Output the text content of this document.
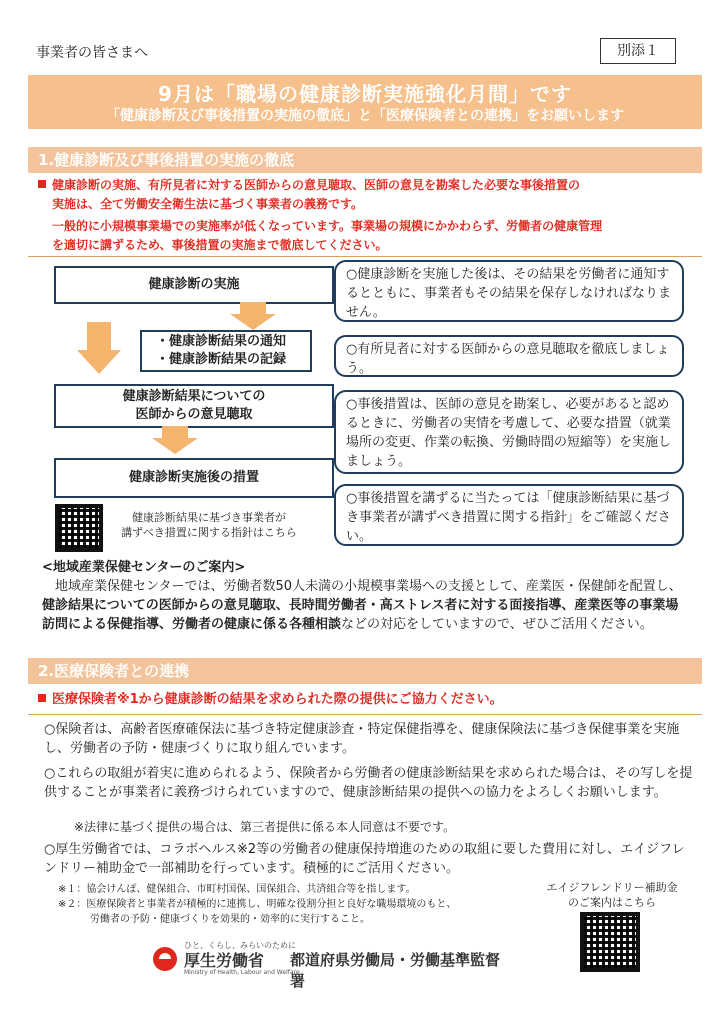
事業者の皆さまへ	別添１
9月は「職場の健康診断実施強化月間」です
「健康診断及び事後措置の実施の徹底」と「医療保険者との連携」をお願いします
1.健康診断及び事後措置の実施の徹底
健康診断の実施、有所見者に対する医師からの意見聴取、医師の意見を勘案した必要な事後措置の
実施は、全て労働安全衛生法に基づく事業者の義務です。
一般的に小規模事業場での実施率が低くなっています。事業場の規模にかかわらず、労働者の健康管理
を適切に講ずるため、事後措置の実施まで徹底してください。
健康診断の実施
・健康診断結果の通知
・健康診断結果の記録
健康診断結果についての
医師からの意見聴取
健康診断実施後の措置
○健康診断を実施した後は、その結果を労働者に通知するとともに、事業者もその結果を保存しなければなりません。
○有所見者に対する医師からの意見聴取を徹底しましょう。
○事後措置は、医師の意見を勘案し、必要があると認めるときに、労働者の実情を考慮して、必要な措置（就業場所の変更、作業の転換、労働時間の短縮等）を実施しましょう。
○事後措置を講ずるに当たっては「健康診断結果に基づき事業者が講ずべき措置に関する指針」をご確認ください。
健康診断結果に基づき事業者が
講ずべき措置に関する指針はこちら
<地域産業保健センターのご案内>
地域産業保健センターでは、労働者数50人未満の小規模事業場への支援として、産業医・保健師を配置し、健診結果についての医師からの意見聴取、長時間労働者・高ストレス者に対する面接指導、産業医等の事業場訪問による保健指導、労働者の健康に係る各種相談などの対応をしていますので、ぜひご活用ください。
2.医療保険者との連携
医療保険者※1から健康診断の結果を求められた際の提供にご協力ください。
○保険者は、高齢者医療確保法に基づき特定健康診査・特定保健指導を、健康保険法に基づき保健事業を実施し、労働者の予防・健康づくりに取り組んでいます。
○これらの取組が着実に進められるよう、保険者から労働者の健康診断結果を求められた場合は、その写しを提供することが事業者に義務づけられていますので、健康診断結果の提供への協力をよろしくお願いします。
※法律に基づく提供の場合は、第三者提供に係る本人同意は不要です。
○厚生労働省では、コラボヘルス※2等の労働者の健康保持増進のための取組に要した費用に対し、エイジフレンドリー補助金で一部補助を行っています。積極的にご活用ください。
※１：協会けんぽ、健保組合、市町村国保、国保組合、共済組合等を指します。
※２：医療保険者と事業者が積極的に連携し、明確な役割分担と良好な職場環境のもと、
労働者の予防・健康づくりを効果的・効率的に実行すること。
エイジフレンドリー補助金
のご案内はこちら
ひと、くらし、みらいのために
厚生労働省
Ministry of Health, Labour and Welfare
都道府県労働局・労働基準監督署
